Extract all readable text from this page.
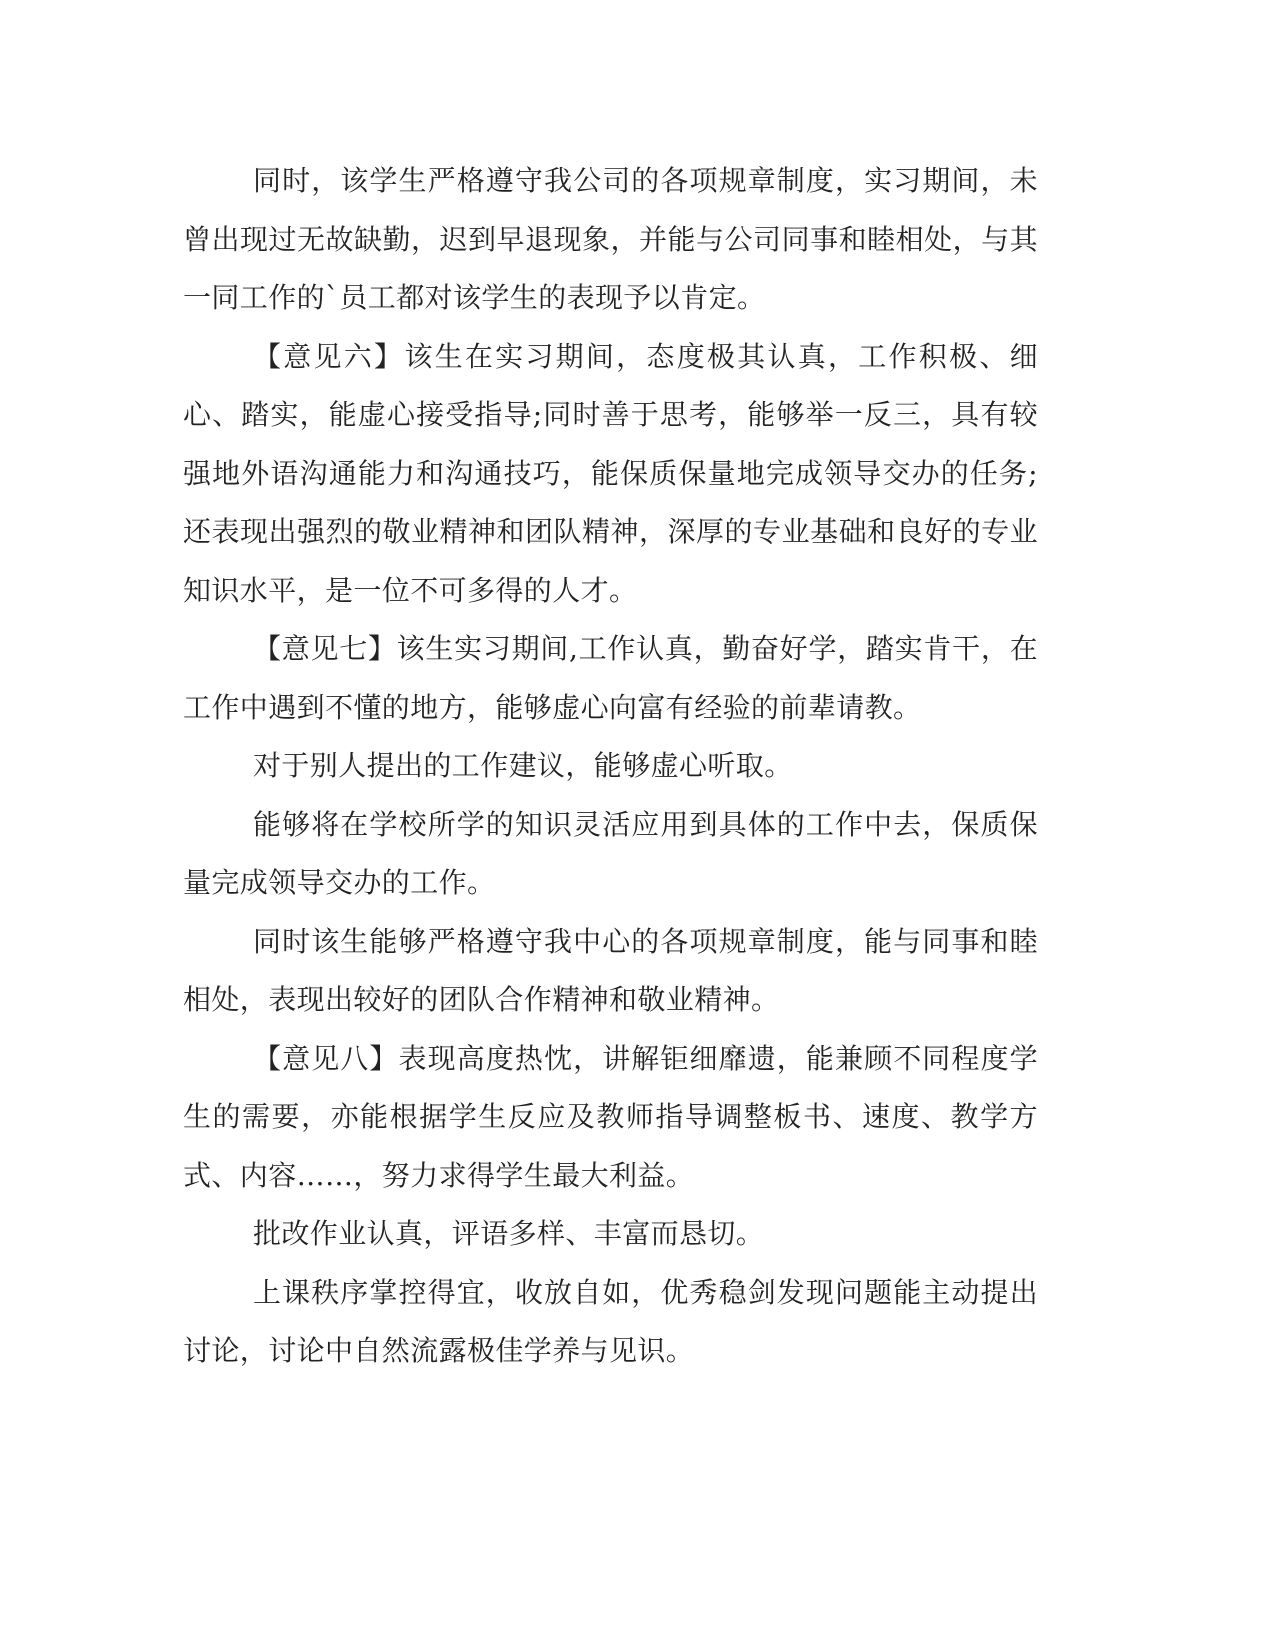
同时，该学生严格遵守我公司的各项规章制度，实习期间，未曾出现过无故缺勤，迟到早退现象，并能与公司同事和睦相处，与其一同工作的`员工都对该学生的表现予以肯定。

【意见六】该生在实习期间，态度极其认真，工作积极、细心、踏实，能虚心接受指导;同时善于思考，能够举一反三，具有较强地外语沟通能力和沟通技巧，能保质保量地完成领导交办的任务;还表现出强烈的敬业精神和团队精神，深厚的专业基础和良好的专业知识水平，是一位不可多得的人才。

【意见七】该生实习期间,工作认真，勤奋好学，踏实肯干，在工作中遇到不懂的地方，能够虚心向富有经验的前辈请教。

对于别人提出的工作建议，能够虚心听取。

能够将在学校所学的知识灵活应用到具体的工作中去，保质保量完成领导交办的工作。

同时该生能够严格遵守我中心的各项规章制度，能与同事和睦相处，表现出较好的团队合作精神和敬业精神。

【意见八】表现高度热忱，讲解钜细靡遗，能兼顾不同程度学生的需要，亦能根据学生反应及教师指导调整板书、速度、教学方式、内容……，努力求得学生最大利益。

批改作业认真，评语多样、丰富而恳切。

上课秩序掌控得宜，收放自如，优秀稳剑发现问题能主动提出讨论，讨论中自然流露极佳学养与见识。
